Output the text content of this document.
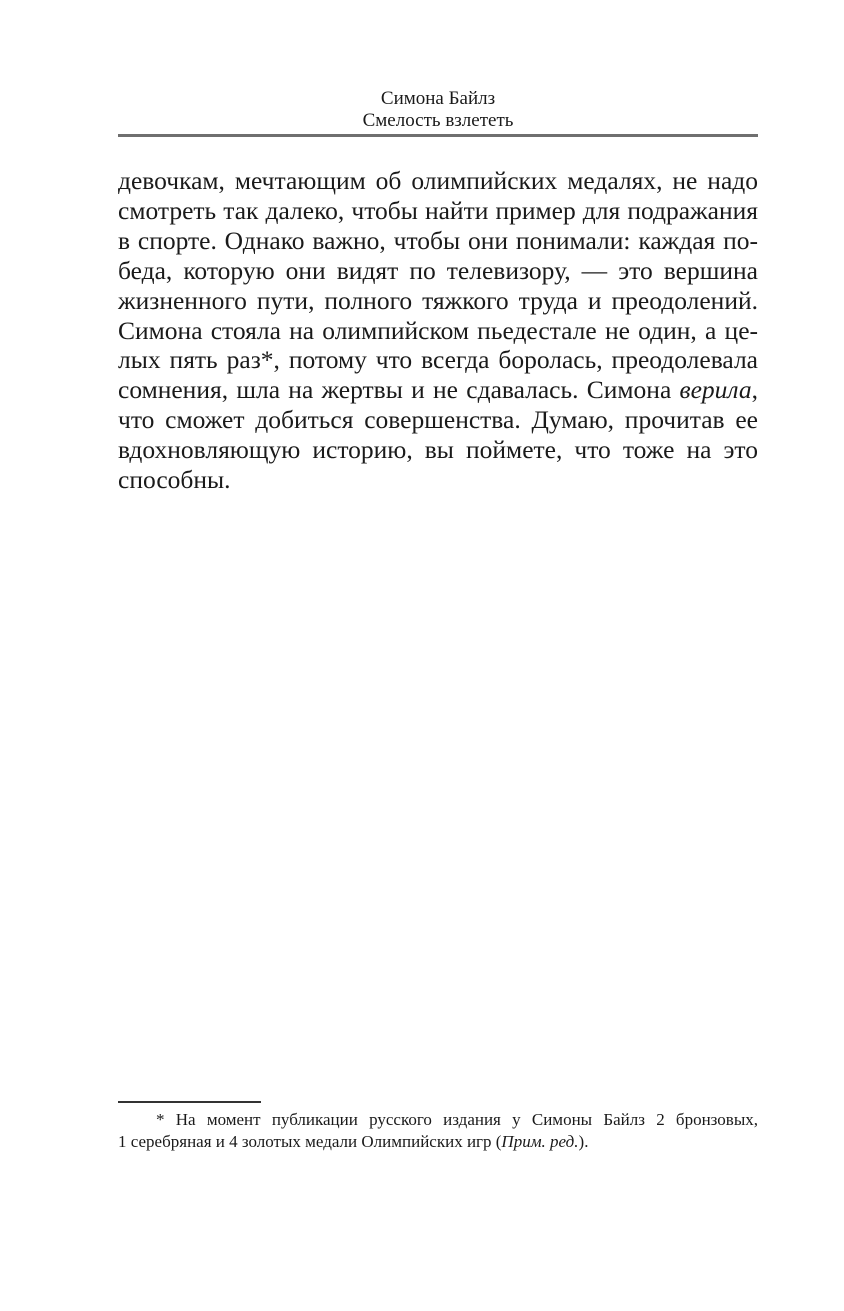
Симона Байлз
Смелость взлететь
девочкам, мечтающим об олимпийских медалях, не надо
смотреть так далеко, чтобы найти пример для подражания
в спорте. Однако важно, чтобы они понимали: каждая по-
беда, которую они видят по телевизору, — это вершина
жизненного пути, полного тяжкого труда и преодолений.
Симона стояла на олимпийском пьедестале не один, а це-
лых пять раз*, потому что всегда боролась, преодолевала
сомнения, шла на жертвы и не сдавалась. Симона верила,
что сможет добиться совершенства. Думаю, прочитав ее
вдохновляющую историю, вы поймете, что тоже на это
способны.
* На момент публикации русского издания у Симоны Байлз 2 бронзовых,
1 серебряная и 4 золотых медали Олимпийских игр (Прим. ред.).
